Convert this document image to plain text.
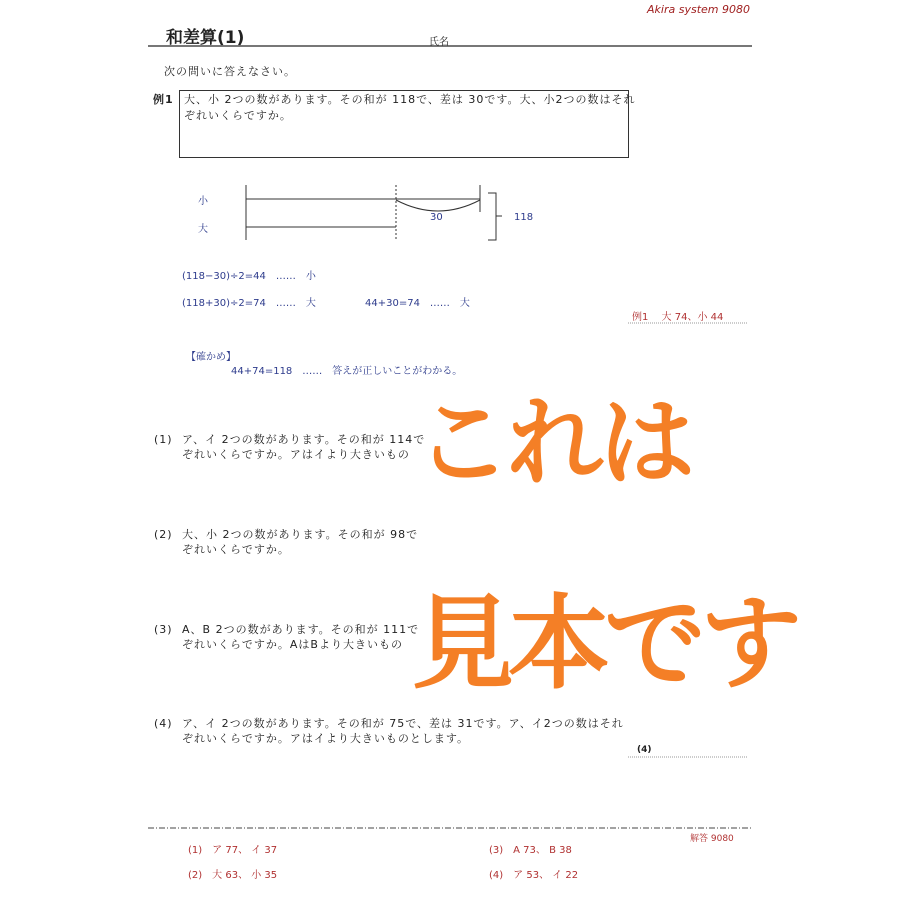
Akira system 9080
和差算(1)	氏名
次の問いに答えなさい。
例1 大、小 2つの数があります。その和が 118で、差は 30です。大、小2つの数はそれ
ぞれいくらですか。
小
大
30	118
(118−30)÷2=44　……　小
(118+30)÷2=74　……　大	44+30=74　……　大
例1　 大 74、小 44
【確かめ】
44+74=118　……　答えが正しいことがわかる。
(1) ア、イ 2つの数があります。その和が 114で
ぞれいくらですか。アはイより大きいもの
(2) 大、小 2つの数があります。その和が 98で
ぞれいくらですか。
(3) A、B 2つの数があります。その和が 111で
ぞれいくらですか。AはBより大きいもの
(4) ア、イ 2つの数があります。その和が 75で、差は 31です。ア、イ2つの数はそれ
ぞれいくらですか。アはイより大きいものとします。
(4)
これは
見本です
解答 9080
(1)　ア 77、 イ 37
(2)　大 63、 小 35
(3)　A 73、 B 38
(4)　ア 53、 イ 22
